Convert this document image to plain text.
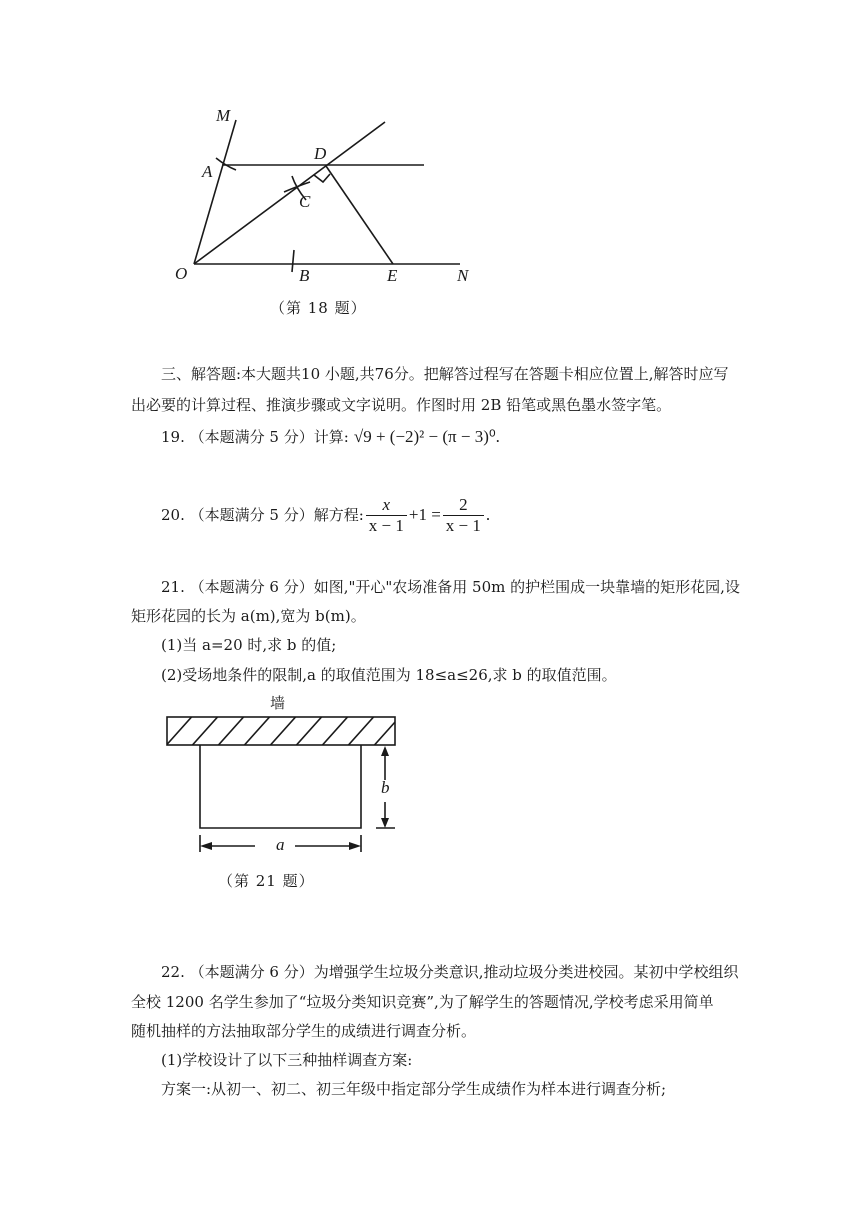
M
A
D
C
O	B	E	N
（第 18 题）
三、解答题:本大题共10 小题,共76分。把解答过程写在答题卡相应位置上,解答时应写
出必要的计算过程、推演步骤或文字说明。作图时用 2B 铅笔或黑色墨水签字笔。
19. （本题满分 5 分）计算: √9 + (−2)² − (π − 3)⁰.
20. （本题满分 5 分）解方程: $\frac{x}{x - 1} +1 = \frac{2}{x - 1}$ .
21. （本题满分 6 分）如图,"开心"农场准备用 50m 的护栏围成一块靠墙的矩形花园,设
矩形花园的长为 a(m),宽为 b(m)。
(1)当 a=20 时,求 b 的值;
(2)受场地条件的限制,a 的取值范围为 18≤a≤26,求 b 的取值范围。
墙
b
a
（第 21 题）
22. （本题满分 6 分）为增强学生垃圾分类意识,推动垃圾分类进校园。某初中学校组织
全校 1200 名学生参加了“垃圾分类知识竞赛”,为了解学生的答题情况,学校考虑采用简单
随机抽样的方法抽取部分学生的成绩进行调查分析。
(1)学校设计了以下三种抽样调查方案:
方案一:从初一、初二、初三年级中指定部分学生成绩作为样本进行调查分析;
